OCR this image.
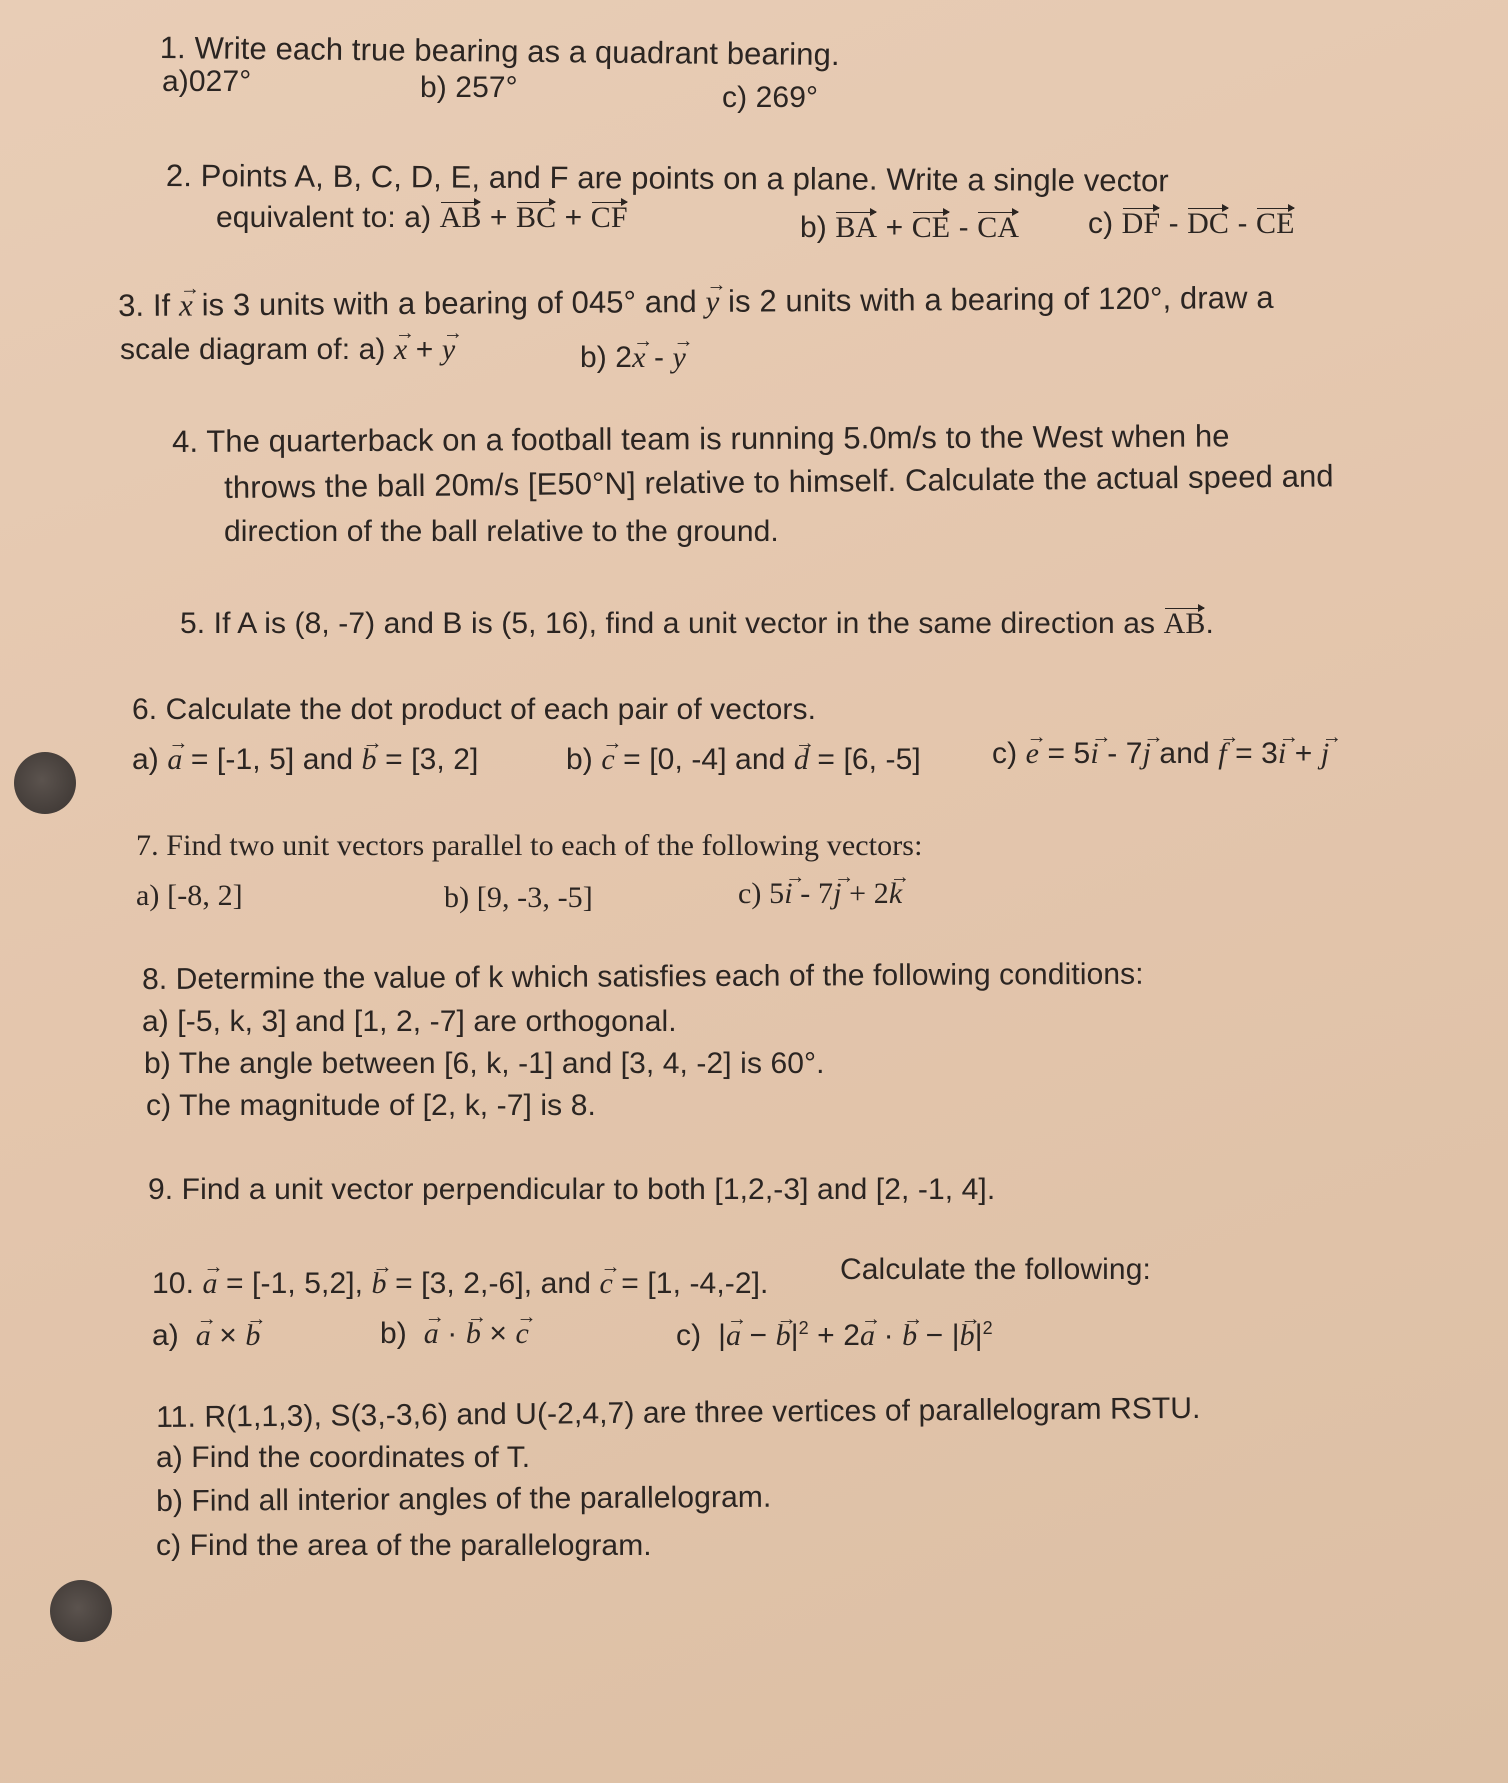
1. Write each true bearing as a quadrant bearing.
a)027°	b) 257°	c) 269°
2. Points A, B, C, D, E, and F are points on a plane. Write a single vector
equivalent to: a) AB + BC + CF	b) BA + CE - CA c) DF - DC - CE
3. If x → is 3 units with a bearing of 045° and y → is 2 units with a bearing of 120°, draw a
scale diagram of: a) x → + y →	b) 2x → - y →
4. The quarterback on a football team is running 5.0m/s to the West when he
throws the ball 20m/s [E50°N] relative to himself. Calculate the actual speed and
direction of the ball relative to the ground.
5. If A is (8, -7) and B is (5, 16), find a unit vector in the same direction as AB.
6. Calculate the dot product of each pair of vectors.
a) a → = [-1, 5] and b → = [3, 2]	b) c → = [0, -4] and d → = [6, -5] c) e → = 5i → - 7j → and f → = 3i → + j →
7. Find two unit vectors parallel to each of the following vectors:
a) [-8, 2]	b) [9, -3, -5]	c) 5i → - 7j → + 2k →
8. Determine the value of k which satisfies each of the following conditions:
a) [-5, k, 3] and [1, 2, -7] are orthogonal.
b) The angle between [6, k, -1] and [3, 4, -2] is 60°.
c) The magnitude of [2, k, -7] is 8.
9. Find a unit vector perpendicular to both [1,2,-3] and [2, -1, 4].
10. a → = [-1, 5,2], b → = [3, 2,-6], and c → = [1, -4,-2]. Calculate the following:
a) a → × b →	b) a → · b → × c →	c) |a → − $b \to|^2 + 2a$ → · b → − $|b \to|^2$
11. R(1,1,3), S(3,-3,6) and U(-2,4,7) are three vertices of parallelogram RSTU.
a) Find the coordinates of T.
b) Find all interior angles of the parallelogram.
c) Find the area of the parallelogram.
